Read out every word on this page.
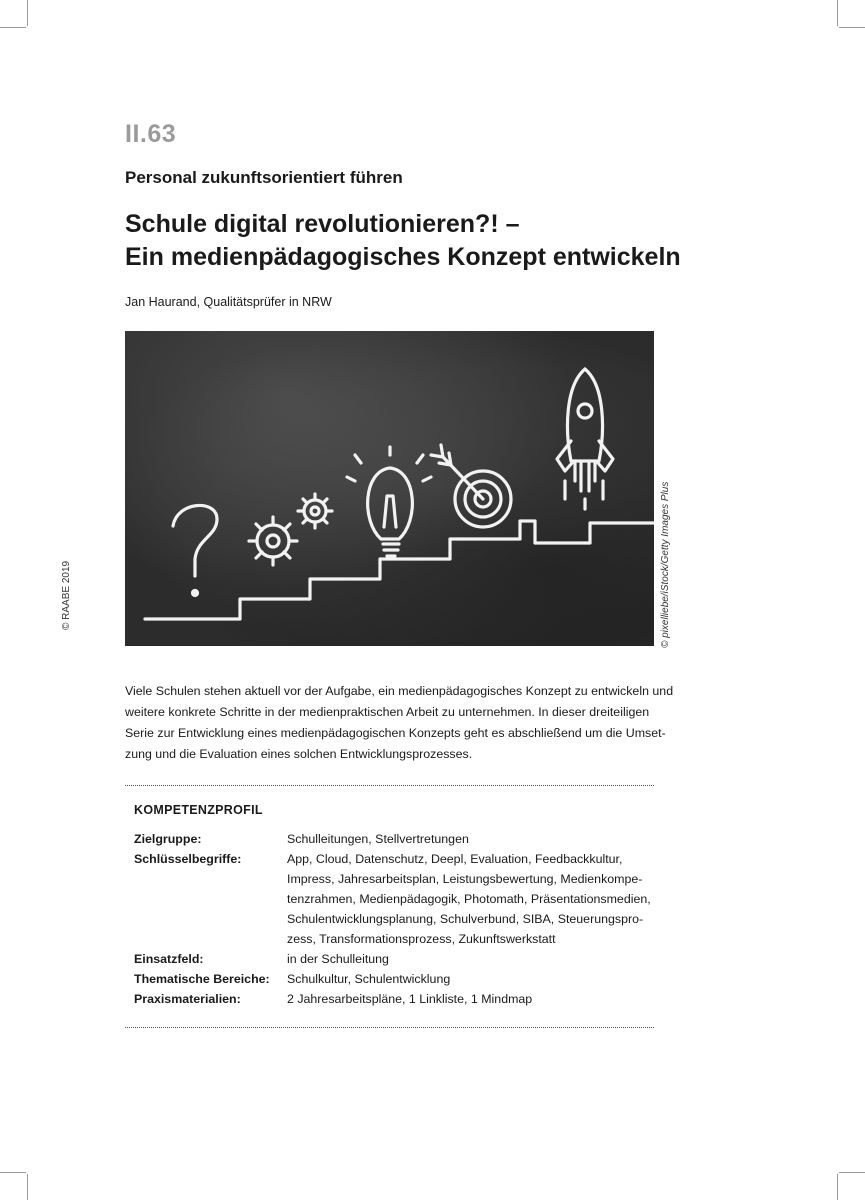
II.63
Personal zukunftsorientiert führen
Schule digital revolutionieren?! –
Ein medienpädagogisches Konzept entwickeln
Jan Haurand, Qualitätsprüfer in NRW
© pixelliebe/iStock/Getty Images Plus
© RAABE 2019
Viele Schulen stehen aktuell vor der Aufgabe, ein medienpädagogisches Konzept zu entwickeln und
weitere konkrete Schritte in der medienpraktischen Arbeit zu unternehmen. In dieser dreiteiligen
Serie zur Entwicklung eines medienpädagogischen Konzepts geht es abschließend um die Umset-
zung und die Evaluation eines solchen Entwicklungsprozesses.
KOMPETENZPROFIL
Zielgruppe:	Schulleitungen, Stellvertretungen
Schlüsselbegriffe:	App, Cloud, Datenschutz, Deepl, Evaluation, Feedbackkultur,
Impress, Jahresarbeitsplan, Leistungsbewertung, Medienkompe-
tenzrahmen, Medienpädagogik, Photomath, Präsentationsmedien,
Schulentwicklungsplanung, Schulverbund, SIBA, Steuerungspro-
zess, Transformationsprozess, Zukunftswerkstatt
Einsatzfeld:	in der Schulleitung
Thematische Bereiche:	Schulkultur, Schulentwicklung
Praxismaterialien:	2 Jahresarbeitspläne, 1 Linkliste, 1 Mindmap
